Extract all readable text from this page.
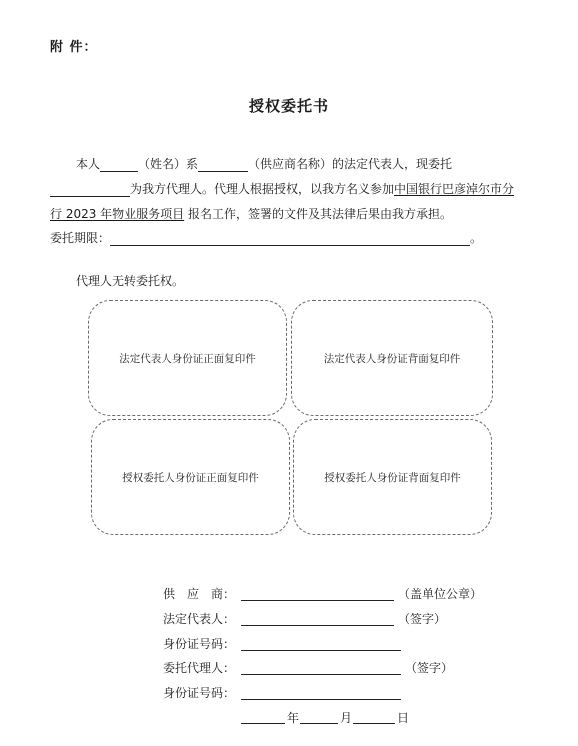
附 件：
授权委托书
本人	（姓名）系	（供应商名称）的法定代表人，现委托
为我方代理人。代理人根据授权，以我方名义参加中国银行巴彦淖尔市分
行 2023 年物业服务项目 报名工作，签署的文件及其法律后果由我方承担。
委托期限：	。
代理人无转委托权。
法定代表人身份证正面复印件	法定代表人身份证背面复印件
授权委托人身份证正面复印件	授权委托人身份证背面复印件
供　应　商：	（盖单位公章）
法定代表人：	（签字）
身份证号码：
委托代理人：	（签字）
身份证号码：
年	月	日
